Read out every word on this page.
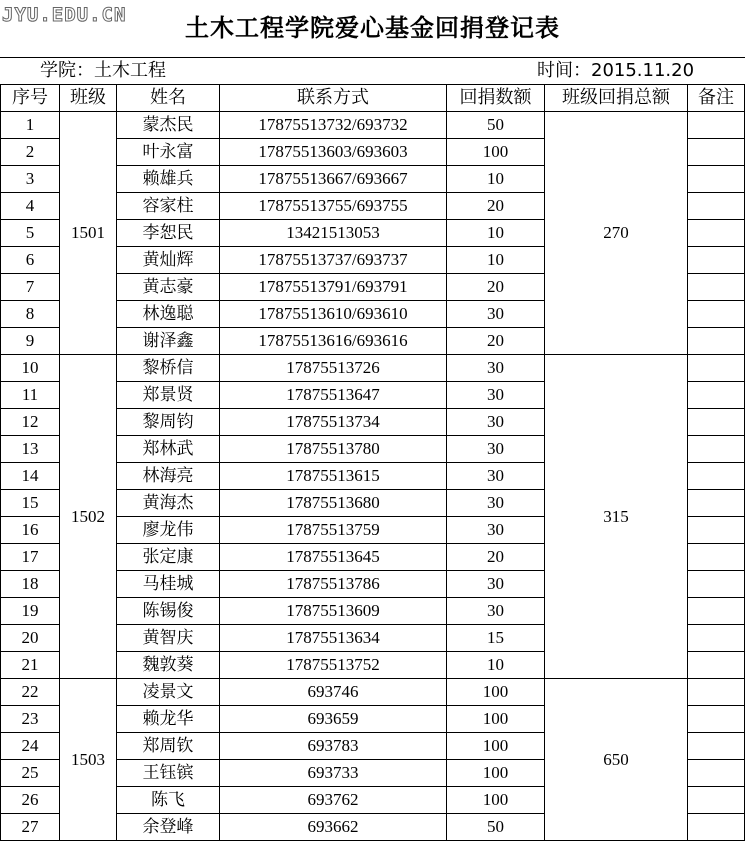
JYU.EDU.CN	土木工程学院爱心基金回捐登记表
学院：土木工程	时间：2015.11.20
序号	班级	姓名	联系方式	回捐数额	班级回捐总额	备注
1	1501	蒙杰民	17875513732/693732	50	270	
2		叶永富	17875513603/693603	100		
3		赖雄兵	17875513667/693667	10		
4		容家柱	17875513755/693755	20		
5		李恕民	13421513053	10		
6		黄灿辉	17875513737/693737	10		
7		黄志豪	17875513791/693791	20		
8		林逸聪	17875513610/693610	30		
9		谢泽鑫	17875513616/693616	20		
10	1502	黎桥信	17875513726	30	315	
11		郑景贤	17875513647	30		
12		黎周钧	17875513734	30		
13		郑林武	17875513780	30		
14		林海亮	17875513615	30		
15		黄海杰	17875513680	30		
16		廖龙伟	17875513759	30		
17		张定康	17875513645	20		
18		马桂城	17875513786	30		
19		陈锡俊	17875513609	30		
20		黄智庆	17875513634	15		
21		魏敦葵	17875513752	10		
22	1503	凌景文	693746	100	650	
23		赖龙华	693659	100		
24		郑周钦	693783	100		
25		王钰镔	693733	100		
26		陈飞	693762	100		
27		余登峰	693662	50		
